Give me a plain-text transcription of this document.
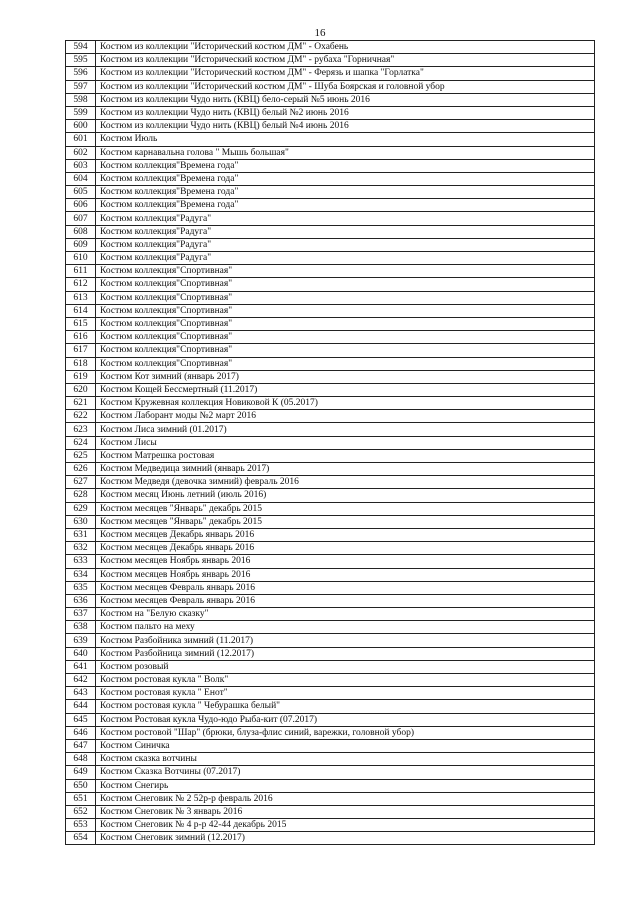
16
594	Костюм из коллекции "Исторический костюм ДМ" - Охабень
595	Костюм из коллекции "Исторический костюм ДМ" - рубаха "Горничная"
596	Костюм из коллекции "Исторический костюм ДМ" - Ферязь и шапка "Горлатка"
597	Костюм из коллекции "Исторический костюм ДМ" - Шуба Боярская и головной убор
598	Костюм из коллекции Чудо нить (КВЦ) бело-серый №5 июнь 2016
599	Костюм из коллекции Чудо нить (КВЦ) белый №2 июнь 2016
600	Костюм из коллекции Чудо нить (КВЦ) белый №4 июнь 2016
601	Костюм Июль
602	Костюм карнавальна голова " Мышь большая"
603	Костюм коллекция"Времена года"
604	Костюм коллекция"Времена года"
605	Костюм коллекция"Времена года"
606	Костюм коллекция"Времена года"
607	Костюм коллекция"Радуга"
608	Костюм коллекция"Радуга"
609	Костюм коллекция"Радуга"
610	Костюм коллекция"Радуга"
611	Костюм коллекция"Спортивная"
612	Костюм коллекция"Спортивная"
613	Костюм коллекция"Спортивная"
614	Костюм коллекция"Спортивная"
615	Костюм коллекция"Спортивная"
616	Костюм коллекция"Спортивная"
617	Костюм коллекция"Спортивная"
618	Костюм коллекция"Спортивная"
619	Костюм Кот зимний (январь 2017)
620	Костюм Кощей Бессмертный (11.2017)
621	Костюм Кружевная коллекция Новиковой К (05.2017)
622	Костюм Лаборант моды №2 март 2016
623	Костюм Лиса зимний (01.2017)
624	Костюм Лисы
625	Костюм Матрешка ростовая
626	Костюм Медведица зимний (январь 2017)
627	Костюм Медведя (девочка зимний) февраль 2016
628	Костюм месяц Июнь летний (июль 2016)
629	Костюм месяцев "Январь" декабрь 2015
630	Костюм месяцев "Январь" декабрь 2015
631	Костюм месяцев Декабрь январь 2016
632	Костюм месяцев Декабрь январь 2016
633	Костюм месяцев Ноябрь январь 2016
634	Костюм месяцев Ноябрь январь 2016
635	Костюм месяцев Февраль январь 2016
636	Костюм месяцев Февраль январь 2016
637	Костюм на "Белую сказку"
638	Костюм пальто на меху
639	Костюм Разбойника зимний (11.2017)
640	Костюм Разбойница зимний (12.2017)
641	Костюм розовый
642	Костюм ростовая кукла " Волк"
643	Костюм ростовая кукла " Енот"
644	Костюм ростовая кукла " Чебурашка белый"
645	Костюм Ростовая кукла Чудо-юдо Рыба-кит (07.2017)
646	Костюм ростовой "Шар" (брюки, блуза-флис синий, варежки, головной убор)
647	Костюм Синичка
648	Костюм сказка вотчины
649	Костюм Сказка Вотчины (07.2017)
650	Костюм Снегирь
651	Костюм Снеговик № 2 52р-р февраль 2016
652	Костюм Снеговик № 3 январь 2016
653	Костюм Снеговик № 4 р-р 42-44 декабрь 2015
654	Костюм Снеговик зимний (12.2017)
